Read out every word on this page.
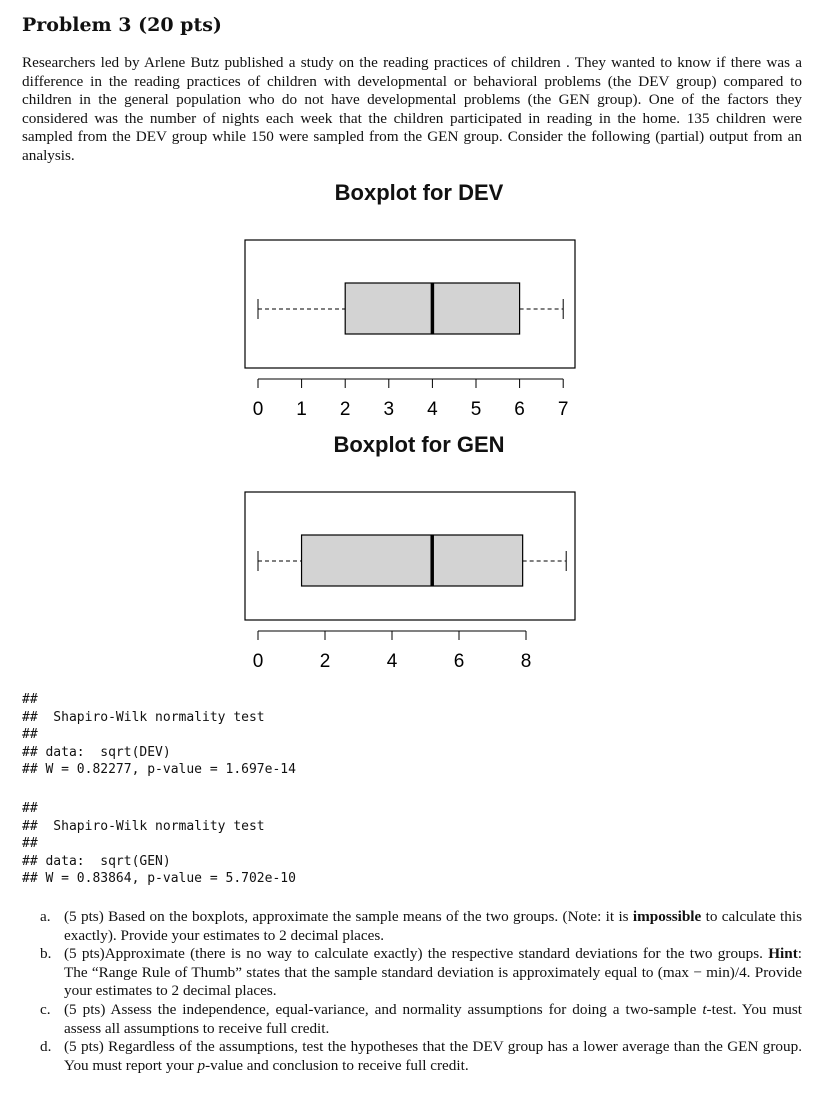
Problem 3 (20 pts)

Researchers led by Arlene Butz published a study on the reading practices of children . They wanted to know if there was a difference in the reading practices of children with developmental or behavioral problems (the DEV group) compared to children in the general population who do not have developmental problems (the GEN group). One of the factors they considered was the number of nights each week that the children participated in reading in the home. 135 children were sampled from the DEV group while 150 were sampled from the GEN group. Consider the following (partial) output from an analysis.

Boxplot for DEV
0 1 2 3 4 5 6 7
Boxplot for GEN
0	2	4	6	8
##
##  Shapiro-Wilk normality test
##
## data:  sqrt(DEV)
## W = 0.82277, p-value = 1.697e-14
##
##  Shapiro-Wilk normality test
##
## data:  sqrt(GEN)
## W = 0.83864, p-value = 5.702e-10
a. (5 pts) Based on the boxplots, approximate the sample means of the two groups. (Note: it is impossible to calculate this exactly). Provide your estimates to 2 decimal places.
b. (5 pts)Approximate (there is no way to calculate exactly) the respective standard deviations for the two groups. Hint: The “Range Rule of Thumb” states that the sample standard deviation is approximately equal to (max − min)/4. Provide your estimates to 2 decimal places.
c. (5 pts) Assess the independence, equal-variance, and normality assumptions for doing a two-sample t-test. You must assess all assumptions to receive full credit.
d. (5 pts) Regardless of the assumptions, test the hypotheses that the DEV group has a lower average than the GEN group. You must report your p-value and conclusion to receive full credit.
